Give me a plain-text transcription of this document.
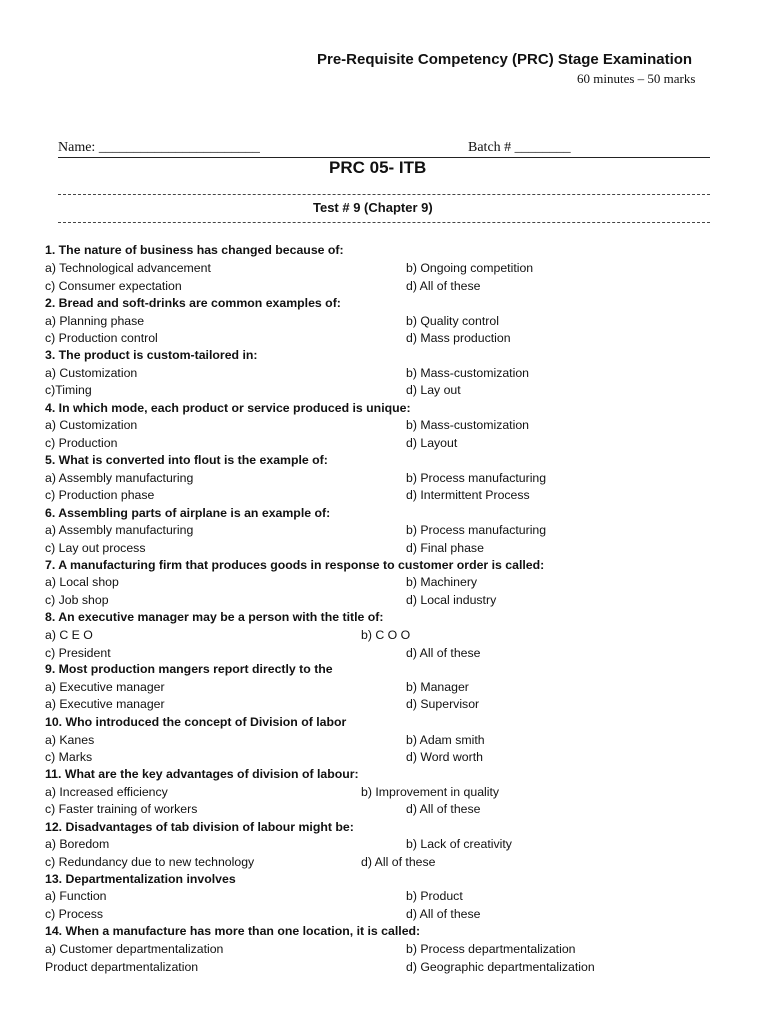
Pre-Requisite Competency (PRC) Stage Examination
60 minutes – 50 marks
Name: _______________________	Batch # ________
PRC 05- ITB
Test # 9 (Chapter 9)
1. The nature of business has changed because of:
a) Technological advancement	b) Ongoing competition
c) Consumer expectation	d) All of these
2. Bread and soft-drinks are common examples of:
a) Planning phase	b) Quality control
c) Production control	d) Mass production
3. The product is custom-tailored in:
a) Customization	b) Mass-customization
c)Timing	d) Lay out
4. In which mode, each product or service produced is unique:
a) Customization	b) Mass-customization
c) Production	d) Layout
5. What is converted into flout is the example of:
a) Assembly manufacturing	b) Process manufacturing
c) Production phase	d) Intermittent Process
6. Assembling parts of airplane is an example of:
a) Assembly manufacturing	b) Process manufacturing
c) Lay out process	d) Final phase
7. A manufacturing firm that produces goods in response to customer order is called:
a) Local shop	b) Machinery
c) Job shop	d) Local industry
8. An executive manager may be a person with the title of:
a) C E O	b) C O O
c) President	d) All of these
9. Most production mangers report directly to the
a) Executive manager	b) Manager
a) Executive manager	d) Supervisor
10. Who introduced the concept of Division of labor
a) Kanes	b) Adam smith
c) Marks	d) Word worth
11. What are the key advantages of division of labour:
a) Increased efficiency	b) Improvement in quality
c) Faster training of workers	d) All of these
12. Disadvantages of tab division of labour might be:
a) Boredom	b) Lack of creativity
c) Redundancy due to new technology	d) All of these
13. Departmentalization involves
a) Function	b) Product
c) Process	d) All of these
14. When a manufacture has more than one location, it is called:
a) Customer departmentalization	b) Process departmentalization
Product departmentalization	d) Geographic departmentalization
